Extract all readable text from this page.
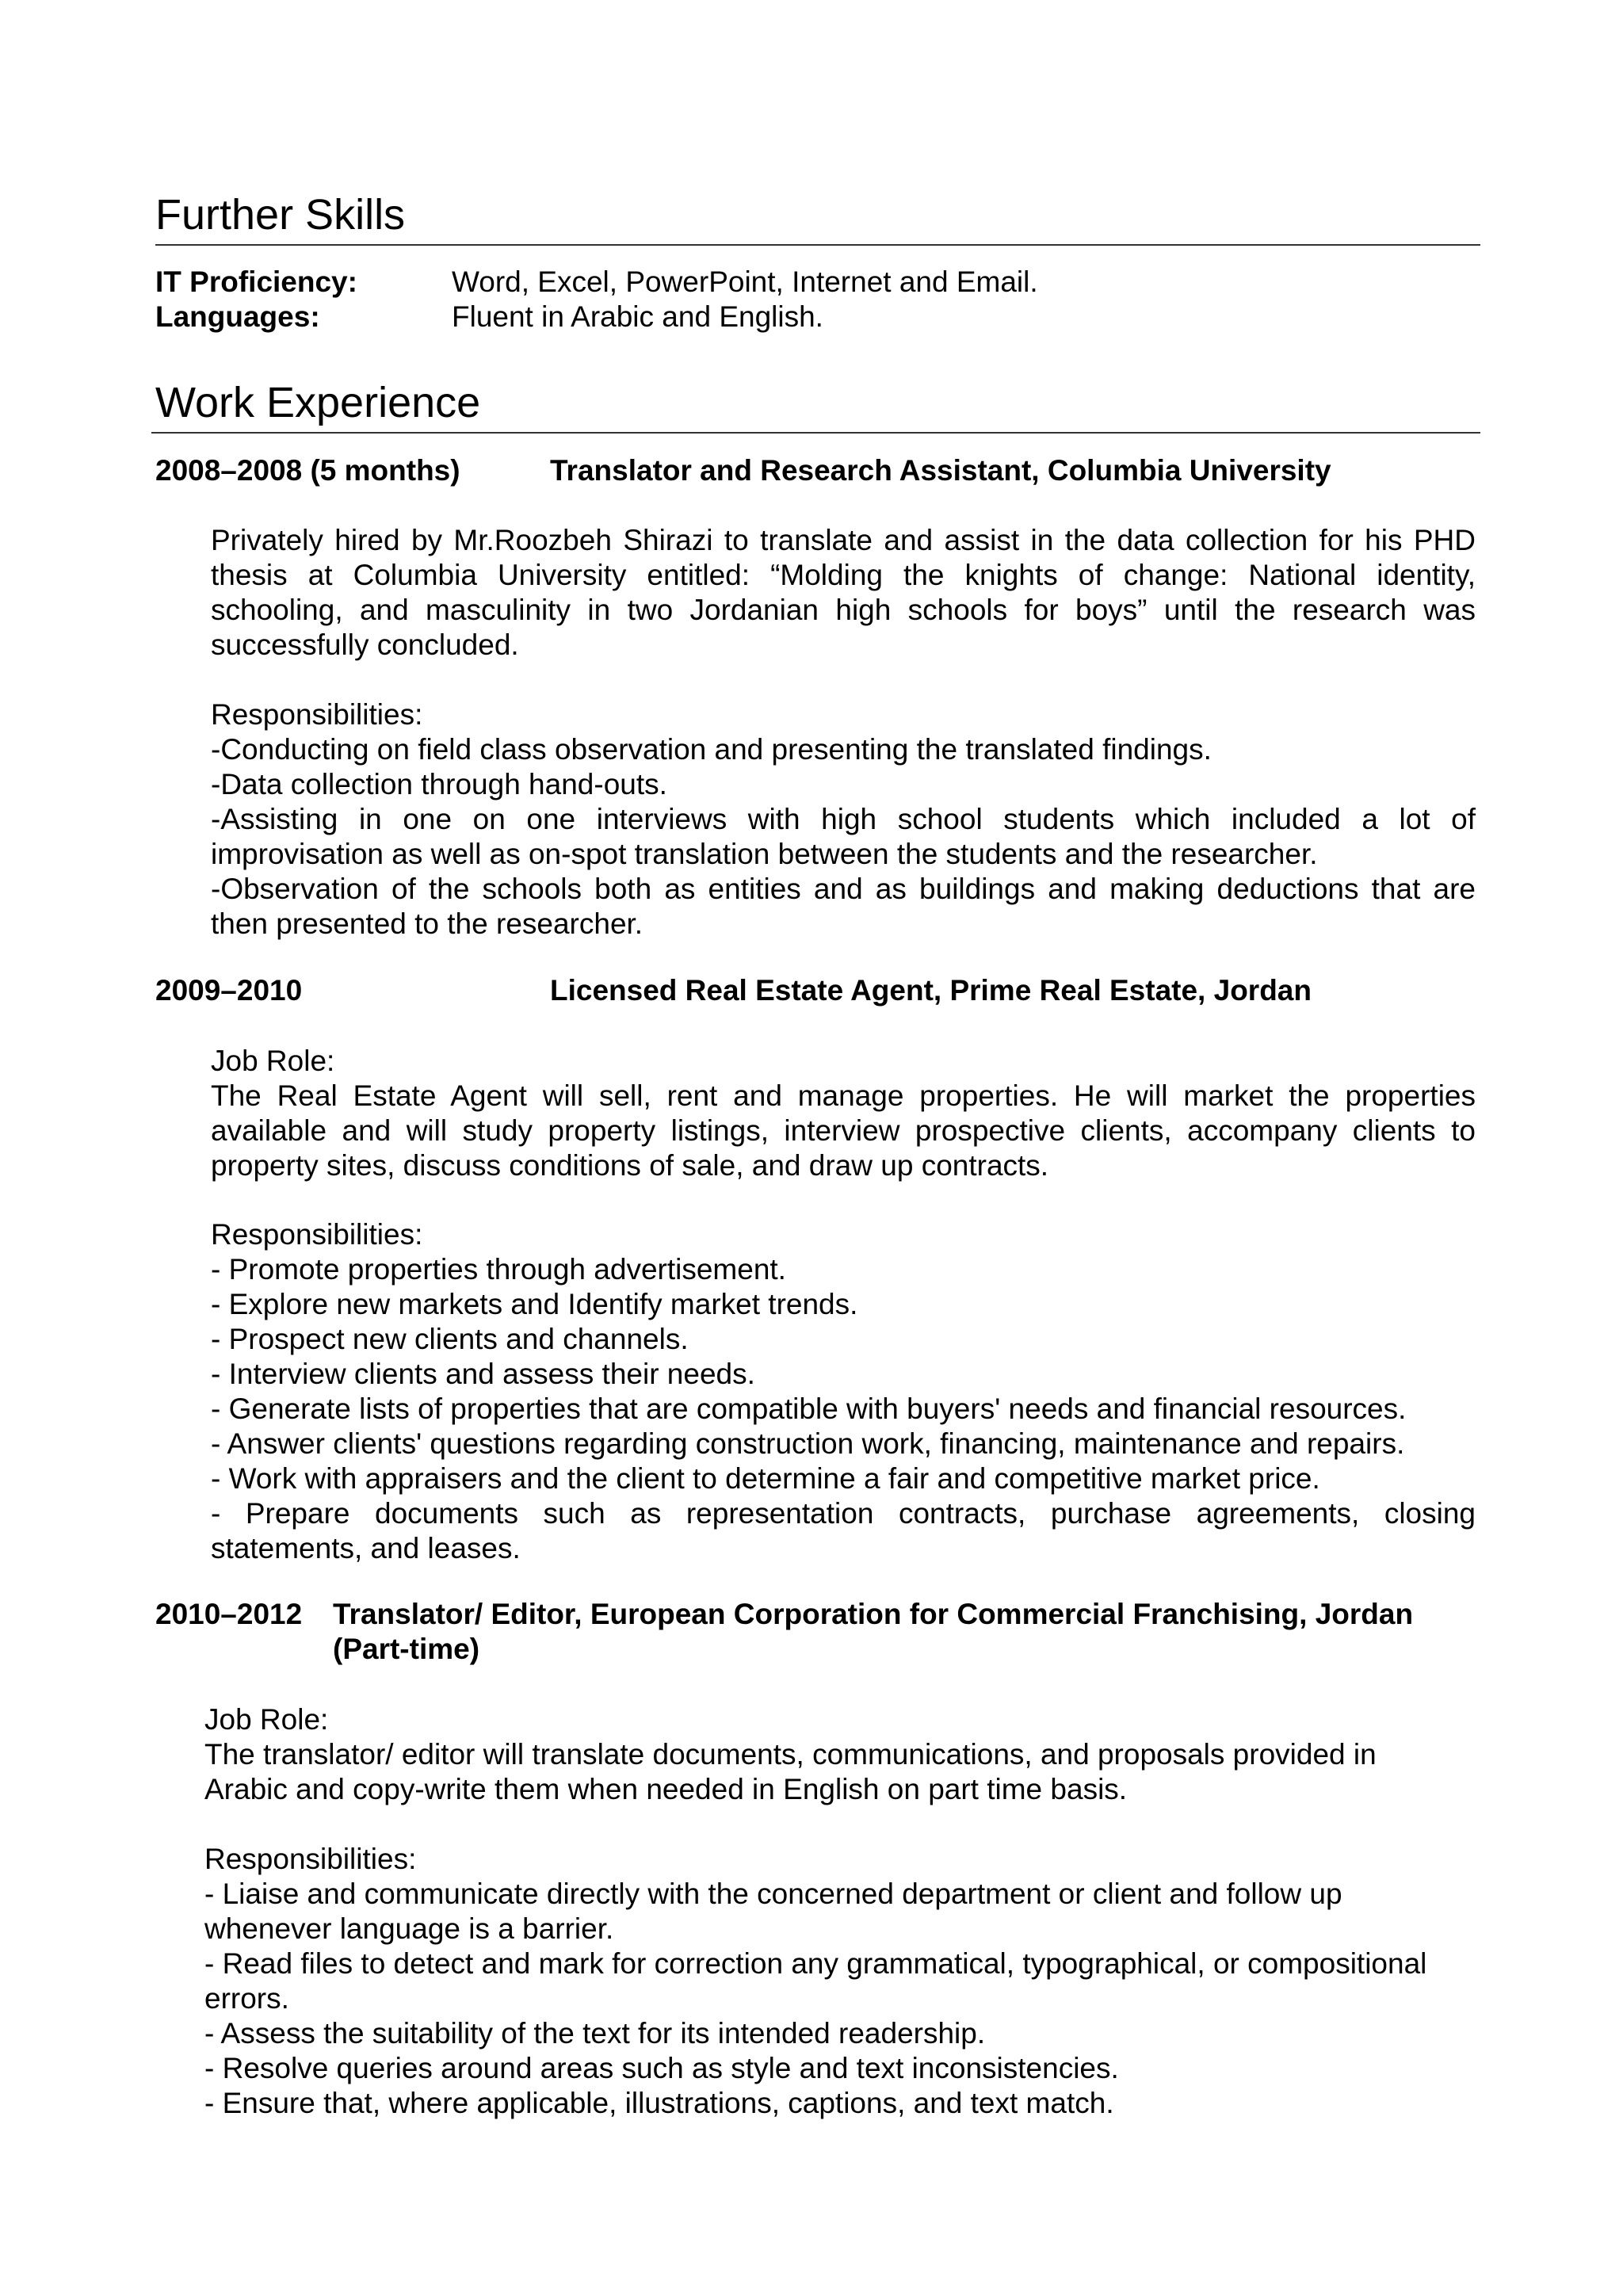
Further Skills
IT Proficiency:	Word, Excel, PowerPoint, Internet and Email.
Languages:	Fluent in Arabic and English.
Work Experience
2008–2008 (5 months)	Translator and Research Assistant, Columbia University
Privately hired by Mr.Roozbeh Shirazi to translate and assist in the data collection for his PHD
thesis at Columbia University entitled: “Molding the knights of change: National identity,
schooling, and masculinity in two Jordanian high schools for boys” until the research was
successfully concluded.
Responsibilities:
-Conducting on field class observation and presenting the translated findings.
-Data collection through hand-outs.
-Assisting in one on one interviews with high school students which included a lot of
improvisation as well as on-spot translation between the students and the researcher.
-Observation of the schools both as entities and as buildings and making deductions that are
then presented to the researcher.
2009–2010	Licensed Real Estate Agent, Prime Real Estate, Jordan
Job Role:
The Real Estate Agent will sell, rent and manage properties. He will market the properties
available and will study property listings, interview prospective clients, accompany clients to
property sites, discuss conditions of sale, and draw up contracts.
Responsibilities:
- Promote properties through advertisement.
- Explore new markets and Identify market trends.
- Prospect new clients and channels.
- Interview clients and assess their needs.
- Generate lists of properties that are compatible with buyers' needs and financial resources.
- Answer clients' questions regarding construction work, financing, maintenance and repairs.
- Work with appraisers and the client to determine a fair and competitive market price.
- Prepare documents such as representation contracts, purchase agreements, closing
statements, and leases.
2010–2012 Translator/ Editor, European Corporation for Commercial Franchising, Jordan
(Part-time)
Job Role:
The translator/ editor will translate documents, communications, and proposals provided in
Arabic and copy-write them when needed in English on part time basis.
Responsibilities:
- Liaise and communicate directly with the concerned department or client and follow up
whenever language is a barrier.
- Read files to detect and mark for correction any grammatical, typographical, or compositional
errors.
- Assess the suitability of the text for its intended readership.
- Resolve queries around areas such as style and text inconsistencies.
- Ensure that, where applicable, illustrations, captions, and text match.
